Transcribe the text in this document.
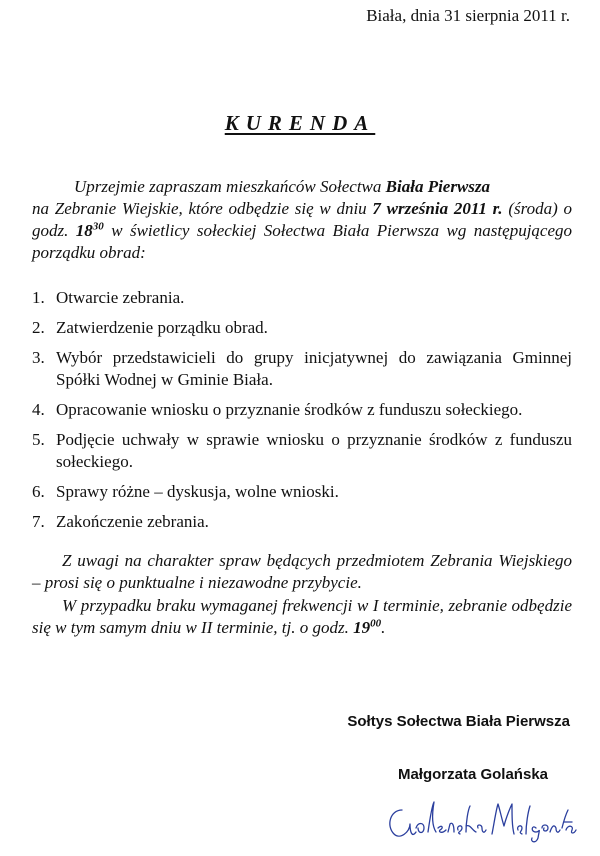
Biała, dnia 31 sierpnia 2011 r.
KURENDA
Uprzejmie zapraszam mieszkańców Sołectwa Biała Pierwsza
na Zebranie Wiejskie, które odbędzie się w dniu 7 września 2011 r. (środa) o godz. $18^{30}$ w świetlicy sołeckiej Sołectwa Biała Pierwsza wg następującego porządku obrad:
1. Otwarcie zebrania.
2. Zatwierdzenie porządku obrad.
3. Wybór przedstawicieli do grupy inicjatywnej do zawiązania Gminnej Spółki Wodnej w Gminie Biała.
4. Opracowanie wniosku o przyznanie środków z funduszu sołeckiego.
5. Podjęcie uchwały w sprawie wniosku o przyznanie środków z funduszu sołeckiego.
6. Sprawy różne – dyskusja, wolne wnioski.
7. Zakończenie zebrania.
Z uwagi na charakter spraw będących przedmiotem Zebrania Wiejskiego – prosi się o punktualne i niezawodne przybycie.
W przypadku braku wymaganej frekwencji w I terminie, zebranie odbędzie się w tym samym dniu w II terminie, tj. o godz. $19^{00}$.
Sołtys Sołectwa Biała Pierwsza
Małgorzata Golańska
